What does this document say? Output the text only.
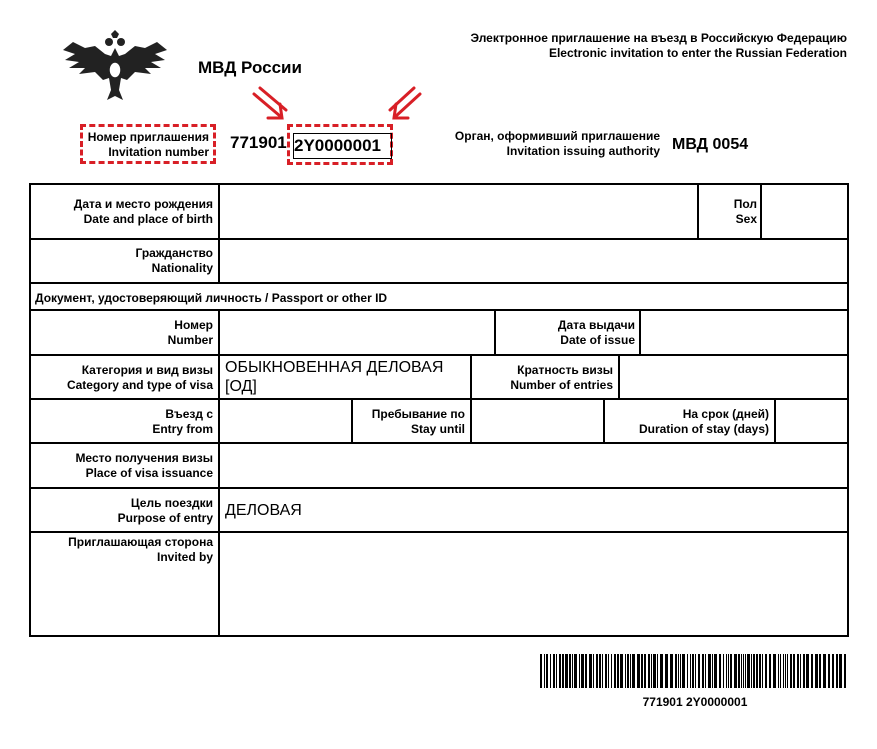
МВД России
Электронное приглашение на въезд в Российскую Федерацию
Electronic invitation to enter the Russian Federation
Номер приглашения
Invitation number 771901 2Y0000001	Орган, оформивший приглашение
Invitation issuing authority МВД 0054
Дата и место рождения
Date and place of birth
Пол
Sex
Гражданство
Nationality
Документ, удостоверяющий личность / Passport or other ID
Номер
Number
Дата выдачи
Date of issue
Категория и вид визы
Category and type of visa
ОБЫКНОВЕННАЯ ДЕЛОВАЯ
[ОД]
Кратность визы
Number of entries
Въезд с
Entry from
Пребывание по
Stay until
На срок (дней)
Duration of stay (days)
Место получения визы
Place of visa issuance
Цель поездки
Purpose of entry ДЕЛОВАЯ
Приглашающая сторона
Invited by
771901 2Y0000001
